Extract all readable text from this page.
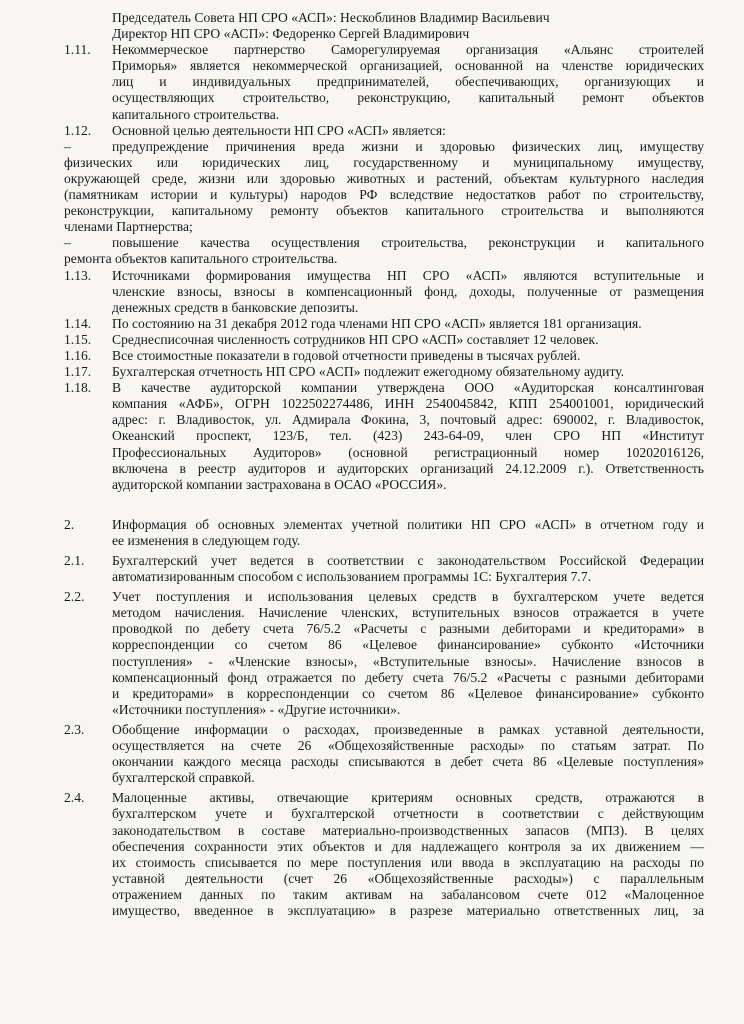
Председатель Совета НП СРО «АСП»: Нескоблинов Владимир Васильевич
Директор НП СРО «АСП»: Федоренко Сергей Владимирович
1.11.	Некоммерческое партнерство Саморегулируемая организация «Альянс строителей

Приморья» является некоммерческой организацией, основанной на членстве юридических

лиц и индивидуальных предпринимателей, обеспечивающих, организующих и

осуществляющих строительство, реконструкцию, капитальный ремонт объектов

капитального строительства.

1.12.	Основной целью деятельности НП СРО «АСП» является:

–	предупреждение причинения вреда жизни и здоровью физических лиц, имуществу

физических или юридических лиц, государственному и муниципальному имуществу,

окружающей среде, жизни или здоровью животных и растений, объектам культурного наследия

(памятникам истории и культуры) народов РФ вследствие недостатков работ по строительству,

реконструкции, капитальному ремонту объектов капитального строительства и выполняются

членами Партнерства;

–	повышение качества осуществления строительства, реконструкции и капитального

ремонта объектов капитального строительства.

1.13.	Источниками формирования имущества НП СРО «АСП» являются вступительные и

членские взносы, взносы в компенсационный фонд, доходы, полученные от размещения

денежных средств в банковские депозиты.

1.14.	По состоянию на 31 декабря 2012 года членами НП СРО «АСП» является 181 организация.

1.15.	Среднесписочная численность сотрудников НП СРО «АСП» составляет 12 человек.

1.16.	Все стоимостные показатели в годовой отчетности приведены в тысячах рублей.

1.17.	Бухгалтерская отчетность НП СРО «АСП» подлежит ежегодному обязательному аудиту.

1.18.	В качестве аудиторской компании утверждена ООО «Аудиторская консалтинговая

компания «АФБ», ОГРН 1022502274486, ИНН 2540045842, КПП 254001001, юридический

адрес: г. Владивосток, ул. Адмирала Фокина, 3, почтовый адрес: 690002, г. Владивосток,

Океанский проспект, 123/Б, тел. (423) 243-64-09, член СРО НП «Институт

Профессиональных Аудиторов» (основной регистрационный номер 10202016126,

включена в реестр аудиторов и аудиторских организаций 24.12.2009 г.). Ответственность

аудиторской компании застрахована в ОСАО «РОССИЯ».

2.	Информация об основных элементах учетной политики НП СРО «АСП» в отчетном году и

ее изменения в следующем году.

2.1.	Бухгалтерский учет ведется в соответствии с законодательством Российской Федерации

автоматизированным способом с использованием программы 1С: Бухгалтерия 7.7.

2.2.	Учет поступления и использования целевых средств в бухгалтерском учете ведется

методом начисления. Начисление членских, вступительных взносов отражается в учете

проводкой по дебету счета 76/5.2 «Расчеты с разными дебиторами и кредиторами» в

корреспонденции со счетом 86 «Целевое финансирование» субконто «Источники

поступления» - «Членские взносы», «Вступительные взносы». Начисление взносов в

компенсационный фонд отражается по дебету счета 76/5.2 «Расчеты с разными дебиторами

и кредиторами» в корреспонденции со счетом 86 «Целевое финансирование» субконто

«Источники поступления» - «Другие источники».

2.3.	Обобщение информации о расходах, произведенные в рамках уставной деятельности,

осуществляется на счете 26 «Общехозяйственные расходы» по статьям затрат. По

окончании каждого месяца расходы списываются в дебет счета 86 «Целевые поступления»

бухгалтерской справкой.

2.4.	Малоценные активы, отвечающие критериям основных средств, отражаются в

бухгалтерском учете и бухгалтерской отчетности в соответствии с действующим

законодательством в составе материально-производственных запасов (МПЗ). В целях

обеспечения сохранности этих объектов и для надлежащего контроля за их движением —

их стоимость списывается по мере поступления или ввода в эксплуатацию на расходы по

уставной деятельности (счет 26 «Общехозяйственные расходы») с параллельным

отражением данных по таким активам на забалансовом счете 012 «Малоценное

имущество, введенное в эксплуатацию» в разрезе материально ответственных лиц, за
